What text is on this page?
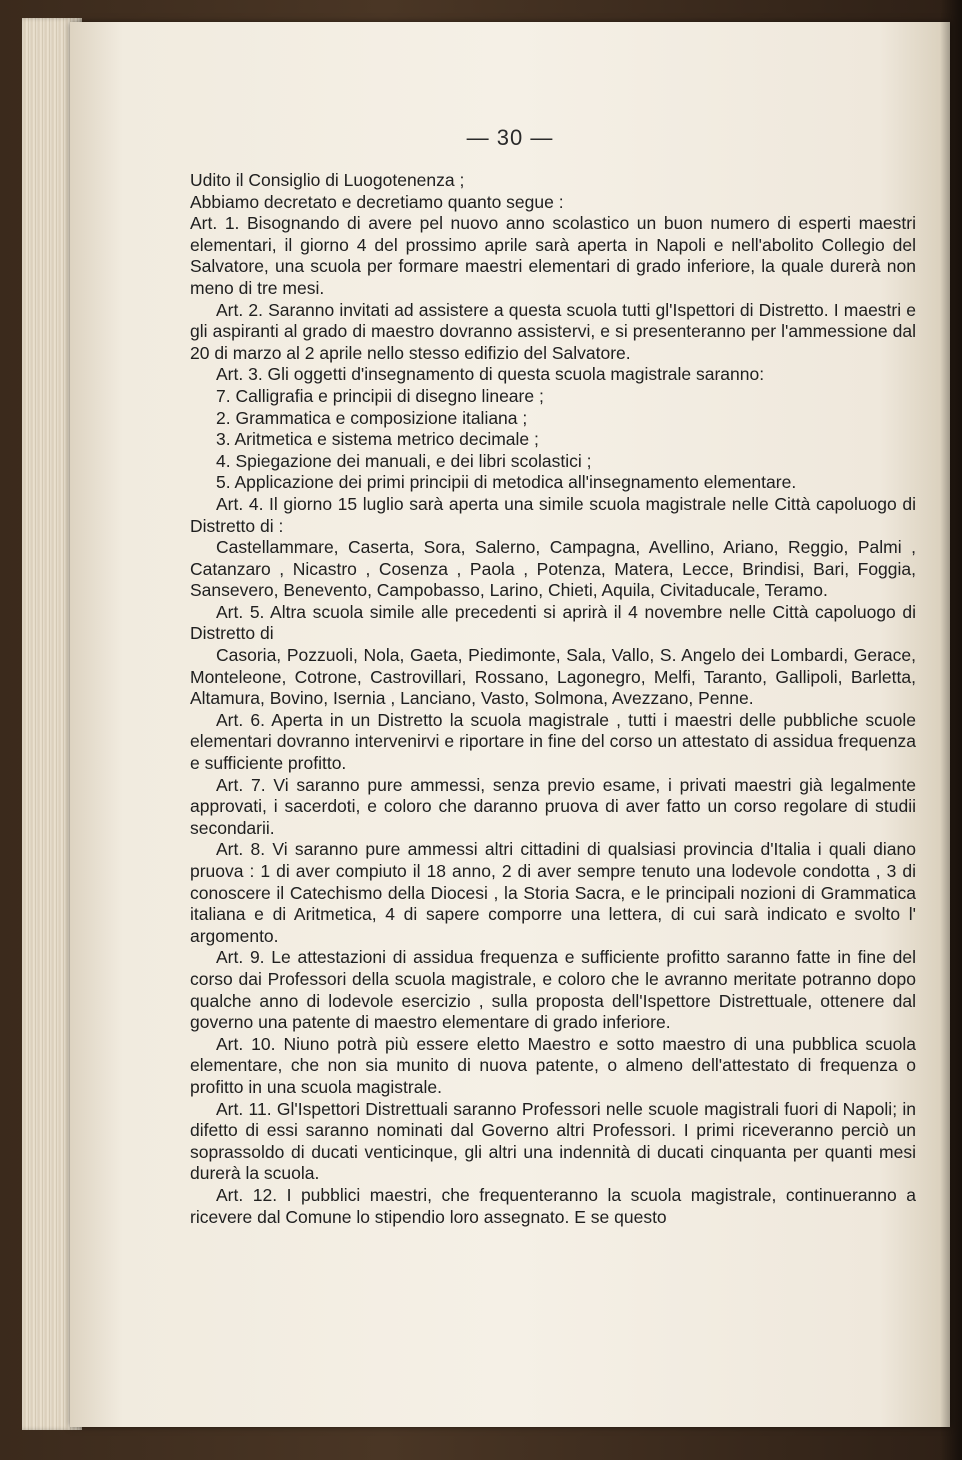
— 30 —

Udito il Consiglio di Luogotenenza ;

Abbiamo decretato e decretiamo quanto segue :

Art. 1. Bisognando di avere pel nuovo anno scolastico un buon numero di esperti maestri elementari, il giorno 4 del prossimo aprile sarà aperta in Napoli e nell'abolito Collegio del Salvatore, una scuola per formare maestri elementari di grado inferiore, la quale durerà non meno di tre mesi.

Art. 2. Saranno invitati ad assistere a questa scuola tutti gl'Ispettori di Distretto. I maestri e gli aspiranti al grado di maestro dovranno assistervi, e si presenteranno per l'ammessione dal 20 di marzo al 2 aprile nello stesso edifizio del Salvatore.

Art. 3. Gli oggetti d'insegnamento di questa scuola magistrale saranno:

7. Calligrafia e principii di disegno lineare ;

2. Grammatica e composizione italiana ;

3. Aritmetica e sistema metrico decimale ;

4. Spiegazione dei manuali, e dei libri scolastici ;

5. Applicazione dei primi principii di metodica all'insegnamento elementare.

Art. 4. Il giorno 15 luglio sarà aperta una simile scuola magistrale nelle Città capoluogo di Distretto di :

Castellammare, Caserta, Sora, Salerno, Campagna, Avellino, Ariano, Reggio, Palmi , Catanzaro , Nicastro , Cosenza , Paola , Potenza, Matera, Lecce, Brindisi, Bari, Foggia, Sansevero, Benevento, Campobasso, Larino, Chieti, Aquila, Civitaducale, Teramo.

Art. 5. Altra scuola simile alle precedenti si aprirà il 4 novembre nelle Città capoluogo di Distretto di

Casoria, Pozzuoli, Nola, Gaeta, Piedimonte, Sala, Vallo, S. Angelo dei Lombardi, Gerace, Monteleone, Cotrone, Castrovillari, Rossano, Lagonegro, Melfi, Taranto, Gallipoli, Barletta, Altamura, Bovino, Isernia , Lanciano, Vasto, Solmona, Avezzano, Penne.

Art. 6. Aperta in un Distretto la scuola magistrale , tutti i maestri delle pubbliche scuole elementari dovranno intervenirvi e riportare in fine del corso un attestato di assidua frequenza e sufficiente profitto.

Art. 7. Vi saranno pure ammessi, senza previo esame, i privati maestri già legalmente approvati, i sacerdoti, e coloro che daranno pruova di aver fatto un corso regolare di studii secondarii.

Art. 8. Vi saranno pure ammessi altri cittadini di qualsiasi provincia d'Italia i quali diano pruova : 1 di aver compiuto il 18 anno, 2 di aver sempre tenuto una lodevole condotta , 3 di conoscere il Catechismo della Diocesi , la Storia Sacra, e le principali nozioni di Grammatica italiana e di Aritmetica, 4 di sapere comporre una lettera, di cui sarà indicato e svolto l' argomento.

Art. 9. Le attestazioni di assidua frequenza e sufficiente profitto saranno fatte in fine del corso dai Professori della scuola magistrale, e coloro che le avranno meritate potranno dopo qualche anno di lodevole esercizio , sulla proposta dell'Ispettore Distrettuale, ottenere dal governo una patente di maestro elementare di grado inferiore.

Art. 10. Niuno potrà più essere eletto Maestro e sotto maestro di una pubblica scuola elementare, che non sia munito di nuova patente, o almeno dell'attestato di frequenza o profitto in una scuola magistrale.

Art. 11. Gl'Ispettori Distrettuali saranno Professori nelle scuole magistrali fuori di Napoli; in difetto di essi saranno nominati dal Governo altri Professori. I primi riceveranno perciò un soprassoldo di ducati venticinque, gli altri una indennità di ducati cinquanta per quanti mesi durerà la scuola.

Art. 12. I pubblici maestri, che frequenteranno la scuola magistrale, continueranno a ricevere dal Comune lo stipendio loro assegnato. E se questo
